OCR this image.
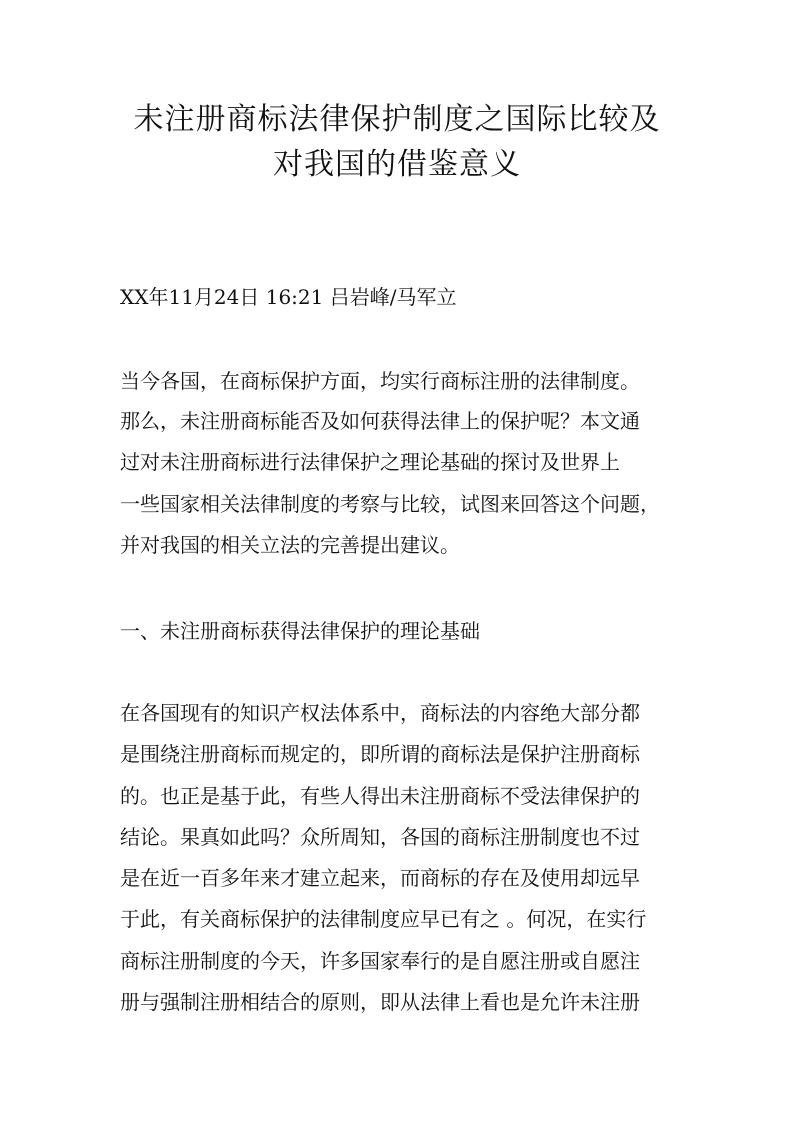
未注册商标法律保护制度之国际比较及
对我国的借鉴意义
XX年11月24日 16:21 吕岩峰/马军立
当今各国，在商标保护方面，均实行商标注册的法律制度。
那么，未注册商标能否及如何获得法律上的保护呢？本文通
过对未注册商标进行法律保护之理论基础的探讨及世界上
一些国家相关法律制度的考察与比较，试图来回答这个问题，
并对我国的相关立法的完善提出建议。
一、未注册商标获得法律保护的理论基础
在各国现有的知识产权法体系中，商标法的内容绝大部分都
是围绕注册商标而规定的，即所谓的商标法是保护注册商标
的。也正是基于此，有些人得出未注册商标不受法律保护的
结论。果真如此吗？众所周知，各国的商标注册制度也不过
是在近一百多年来才建立起来，而商标的存在及使用却远早
于此，有关商标保护的法律制度应早已有之 。何况，在实行
商标注册制度的今天，许多国家奉行的是自愿注册或自愿注
册与强制注册相结合的原则，即从法律上看也是允许未注册
